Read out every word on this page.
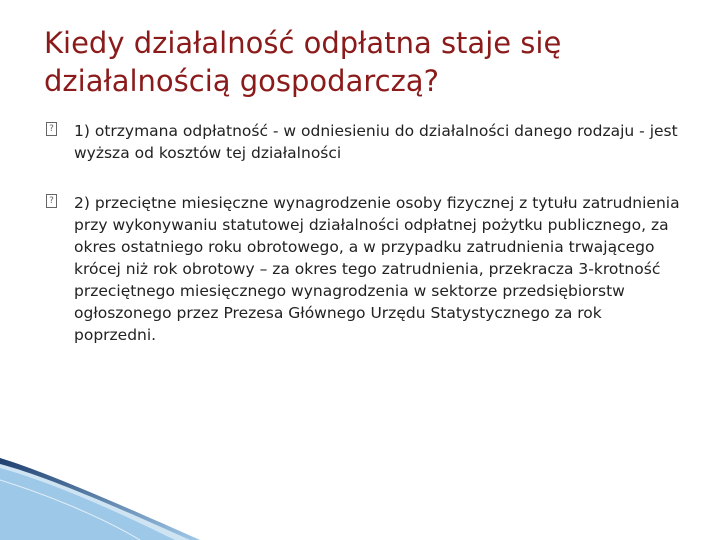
Kiedy działalność odpłatna staje się działalnością gospodarczą?
? 1) otrzymana odpłatność - w odniesieniu do działalności danego rodzaju - jest wyższa od kosztów tej działalności
? 2) przeciętne miesięczne wynagrodzenie osoby fizycznej z tytułu zatrudnienia przy wykonywaniu statutowej działalności odpłatnej pożytku publicznego, za okres ostatniego roku obrotowego, a w przypadku zatrudnienia trwającego krócej niż rok obrotowy – za okres tego zatrudnienia, przekracza 3-krotność przeciętnego miesięcznego wynagrodzenia w sektorze przedsiębiorstw ogłoszonego przez Prezesa Głównego Urzędu Statystycznego za rok poprzedni.
